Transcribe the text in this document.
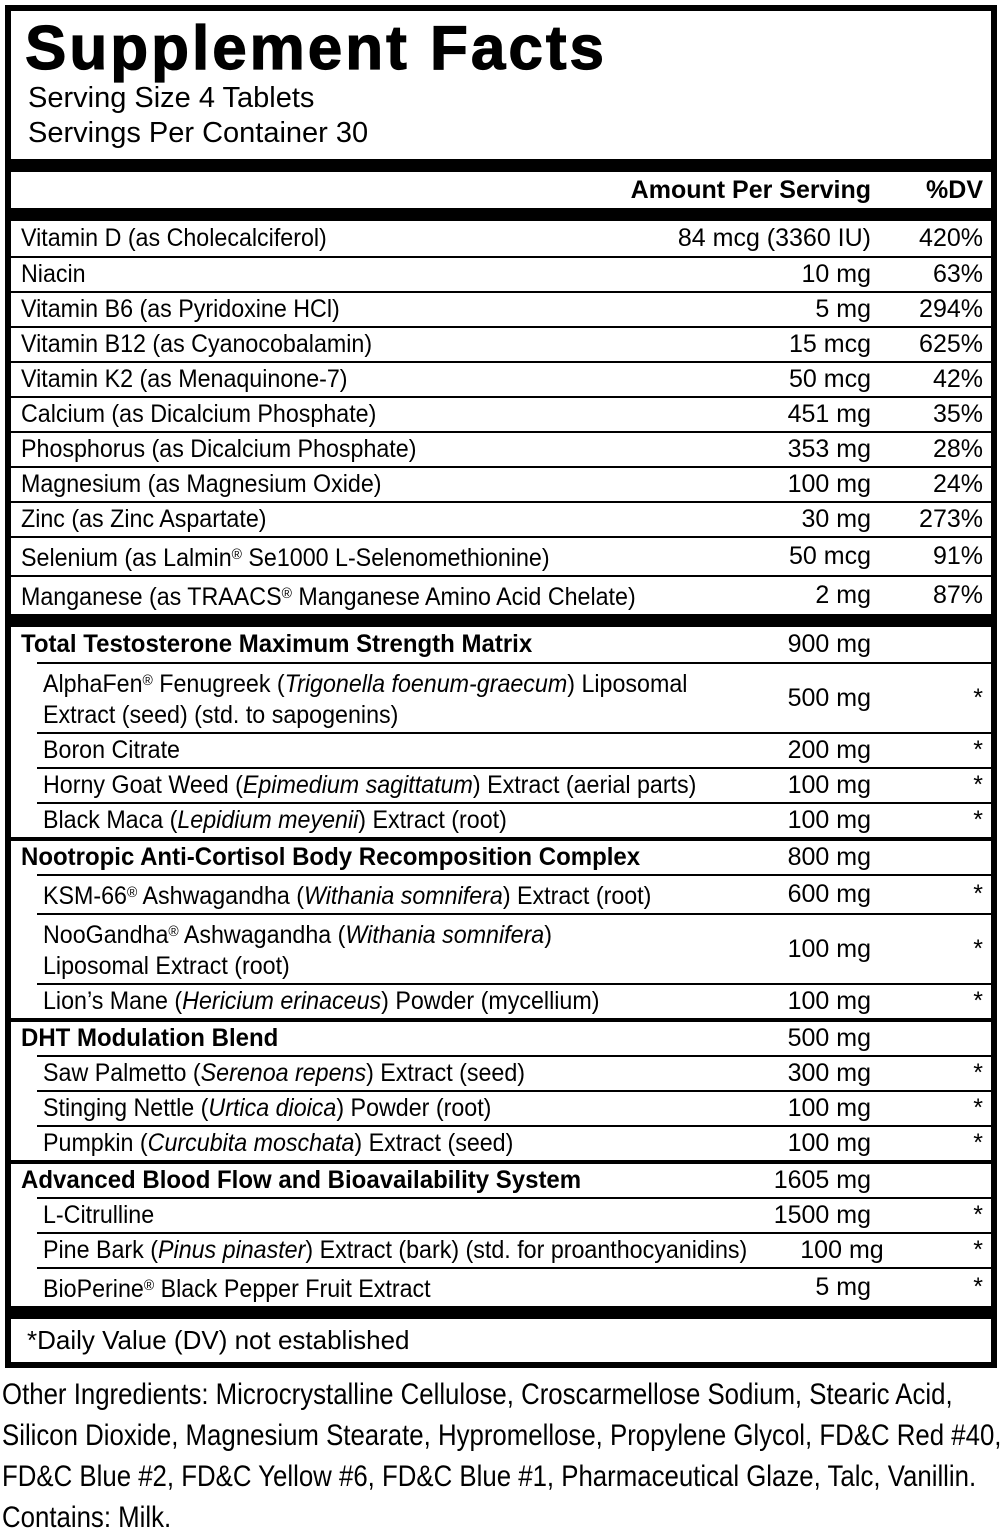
Supplement Facts
Serving Size 4 Tablets
Servings Per Container 30
Amount Per Serving	%DV
Vitamin D (as Cholecalciferol)	84 mcg (3360 IU)	420%
Niacin	10 mg	63%
Vitamin B6 (as Pyridoxine HCl)	5 mg	294%
Vitamin B12 (as Cyanocobalamin)	15 mcg	625%
Vitamin K2 (as Menaquinone-7)	50 mcg	42%
Calcium (as Dicalcium Phosphate)	451 mg	35%
Phosphorus (as Dicalcium Phosphate)	353 mg	28%
Magnesium (as Magnesium Oxide)	100 mg	24%
Zinc (as Zinc Aspartate)	30 mg	273%
Selenium (as Lalmin® Se1000 L-Selenomethionine)	50 mcg	91%
Manganese (as TRAACS® Manganese Amino Acid Chelate)	2 mg	87%
Total Testosterone Maximum Strength Matrix	900 mg
AlphaFen® Fenugreek (Trigonella foenum-graecum) Liposomal
Extract (seed) (std. to sapogenins)
500 mg	*
Boron Citrate	200 mg	*
Horny Goat Weed (Epimedium sagittatum) Extract (aerial parts)	100 mg	*
Black Maca (Lepidium meyenii) Extract (root)	100 mg	*
Nootropic Anti-Cortisol Body Recomposition Complex	800 mg
KSM-66® Ashwagandha (Withania somnifera) Extract (root)	600 mg	*
NooGandha® Ashwagandha (Withania somnifera)
Liposomal Extract (root)
100 mg	*
Lion’s Mane (Hericium erinaceus) Powder (mycellium)	100 mg	*
DHT Modulation Blend	500 mg
Saw Palmetto (Serenoa repens) Extract (seed)	300 mg	*
Stinging Nettle (Urtica dioica) Powder (root)	100 mg	*
Pumpkin (Curcubita moschata) Extract (seed)	100 mg	*
Advanced Blood Flow and Bioavailability System	1605 mg
L-Citrulline	1500 mg	*
Pine Bark (Pinus pinaster) Extract (bark) (std. for proanthocyanidins)	100 mg	*
BioPerine® Black Pepper Fruit Extract	5 mg	*
*Daily Value (DV) not established
Other Ingredients: Microcrystalline Cellulose, Croscarmellose Sodium, Stearic Acid,
Silicon Dioxide, Magnesium Stearate, Hypromellose, Propylene Glycol, FD&C Red #40,
FD&C Blue #2, FD&C Yellow #6, FD&C Blue #1, Pharmaceutical Glaze, Talc, Vanillin.
Contains: Milk.
